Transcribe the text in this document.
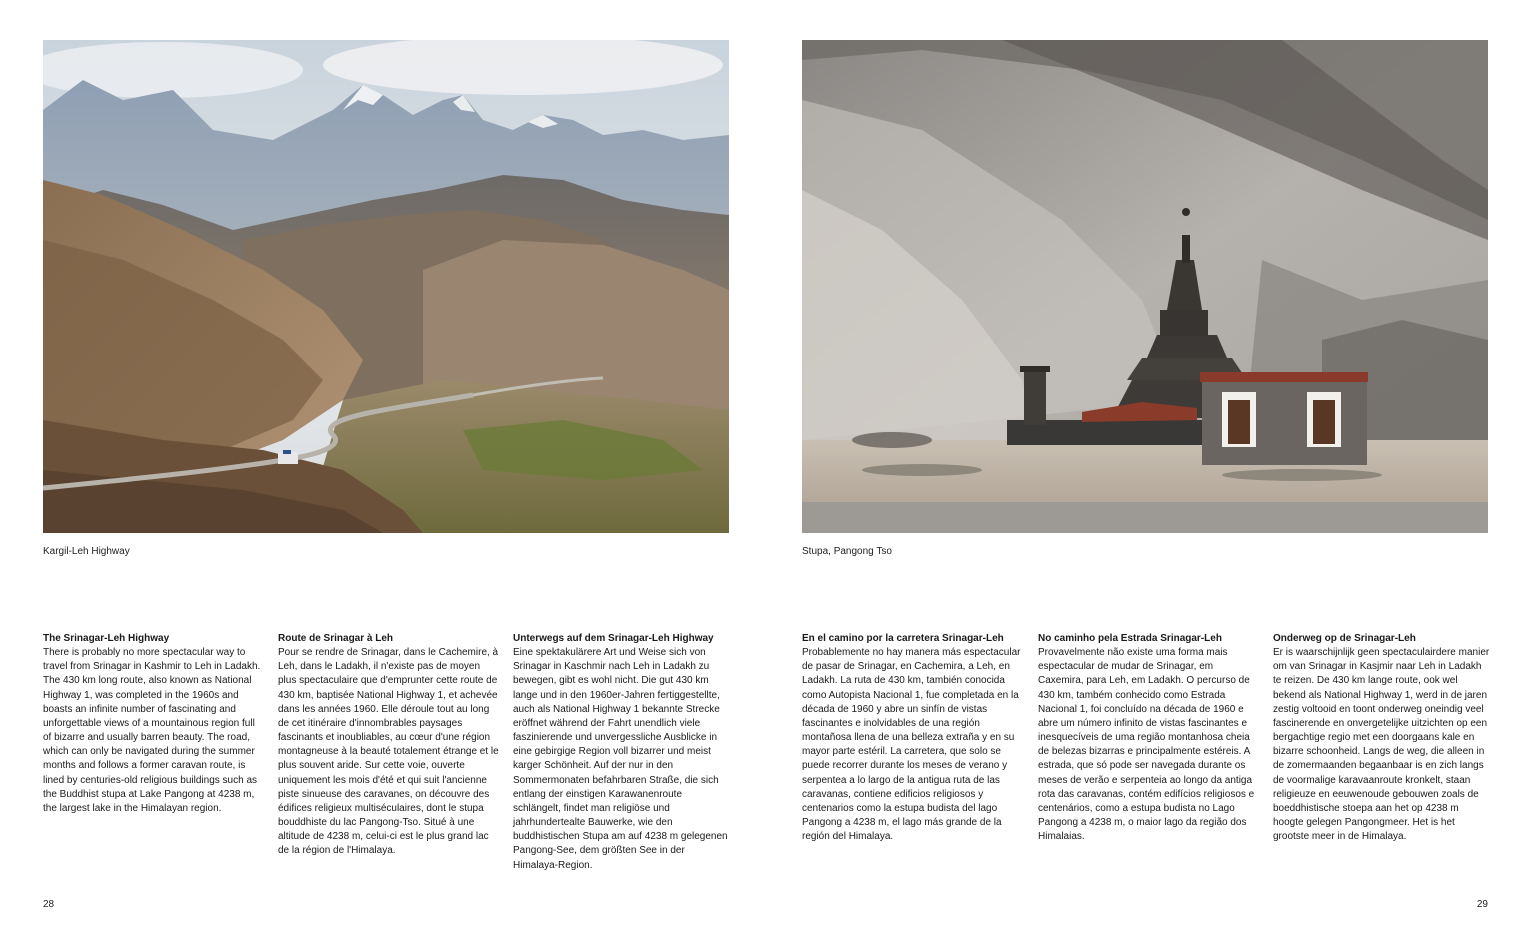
Kargil-Leh Highway	Stupa, Pangong Tso
The Srinagar-Leh Highway

There is probably no more spectacular way to travel from Srinagar in Kashmir to Leh in Ladakh. The 430 km long route, also known as National Highway 1, was completed in the 1960s and boasts an infinite number of fascinating and unforgettable views of a mountainous region full of bizarre and usually barren beauty. The road, which can only be navigated during the summer months and follows a former caravan route, is lined by centuries-old religious buildings such as the Buddhist stupa at Lake Pangong at 4238 m, the largest lake in the Himalayan region.

Route de Srinagar à Leh

Pour se rendre de Srinagar, dans le Cachemire, à Leh, dans le Ladakh, il n'existe pas de moyen plus spectaculaire que d'emprunter cette route de 430 km, baptisée National Highway 1, et achevée dans les années 1960. Elle déroule tout au long de cet itinéraire d'innombrables paysages fascinants et inoubliables, au cœur d'une région montagneuse à la beauté totalement étrange et le plus souvent aride. Sur cette voie, ouverte uniquement les mois d'été et qui suit l'ancienne piste sinueuse des caravanes, on découvre des édifices religieux multiséculaires, dont le stupa bouddhiste du lac Pangong-Tso. Situé à une altitude de 4238 m, celui-ci est le plus grand lac de la région de l'Himalaya.

Unterwegs auf dem Srinagar-Leh Highway

Eine spektakulärere Art und Weise sich von Srinagar in Kaschmir nach Leh in Ladakh zu bewegen, gibt es wohl nicht. Die gut 430 km lange und in den 1960er-Jahren fertiggestellte, auch als National Highway 1 bekannte Strecke eröffnet während der Fahrt unendlich viele faszinierende und unvergessliche Ausblicke in eine gebirgige Region voll bizarrer und meist karger Schönheit. Auf der nur in den Sommermonaten befahrbaren Straße, die sich entlang der einstigen Karawanenroute schlängelt, findet man religiöse und jahrhundertealte Bauwerke, wie den buddhistischen Stupa am auf 4238 m gelegenen Pangong-See, dem größten See in der Himalaya-Region.

En el camino por la carretera Srinagar-Leh

Probablemente no hay manera más espectacular de pasar de Srinagar, en Cachemira, a Leh, en Ladakh. La ruta de 430 km, también conocida como Autopista Nacional 1, fue completada en la década de 1960 y abre un sinfín de vistas fascinantes e inolvidables de una región montañosa llena de una belleza extraña y en su mayor parte estéril. La carretera, que solo se puede recorrer durante los meses de verano y serpentea a lo largo de la antigua ruta de las caravanas, contiene edificios religiosos y centenarios como la estupa budista del lago Pangong a 4238 m, el lago más grande de la región del Himalaya.

No caminho pela Estrada Srinagar-Leh

Provavelmente não existe uma forma mais espectacular de mudar de Srinagar, em Caxemira, para Leh, em Ladakh. O percurso de 430 km, também conhecido como Estrada Nacional 1, foi concluído na década de 1960 e abre um número infinito de vistas fascinantes e inesquecíveis de uma região montanhosa cheia de belezas bizarras e principalmente estéreis. A estrada, que só pode ser navegada durante os meses de verão e serpenteia ao longo da antiga rota das caravanas, contém edifícios religiosos e centenários, como a estupa budista no Lago Pangong a 4238 m, o maior lago da região dos Himalaias.

Onderweg op de Srinagar-Leh

Er is waarschijnlijk geen spectaculairdere manier om van Srinagar in Kasjmir naar Leh in Ladakh te reizen. De 430 km lange route, ook wel bekend als National Highway 1, werd in de jaren zestig voltooid en toont onderweg oneindig veel fascinerende en onvergetelijke uitzichten op een bergachtige regio met een doorgaans kale en bizarre schoonheid. Langs de weg, die alleen in de zomermaanden begaanbaar is en zich langs de voormalige karavaanroute kronkelt, staan religieuze en eeuwenoude gebouwen zoals de boeddhistische stoepa aan het op 4238 m hoogte gelegen Pangongmeer. Het is het grootste meer in de Himalaya.

28	29
